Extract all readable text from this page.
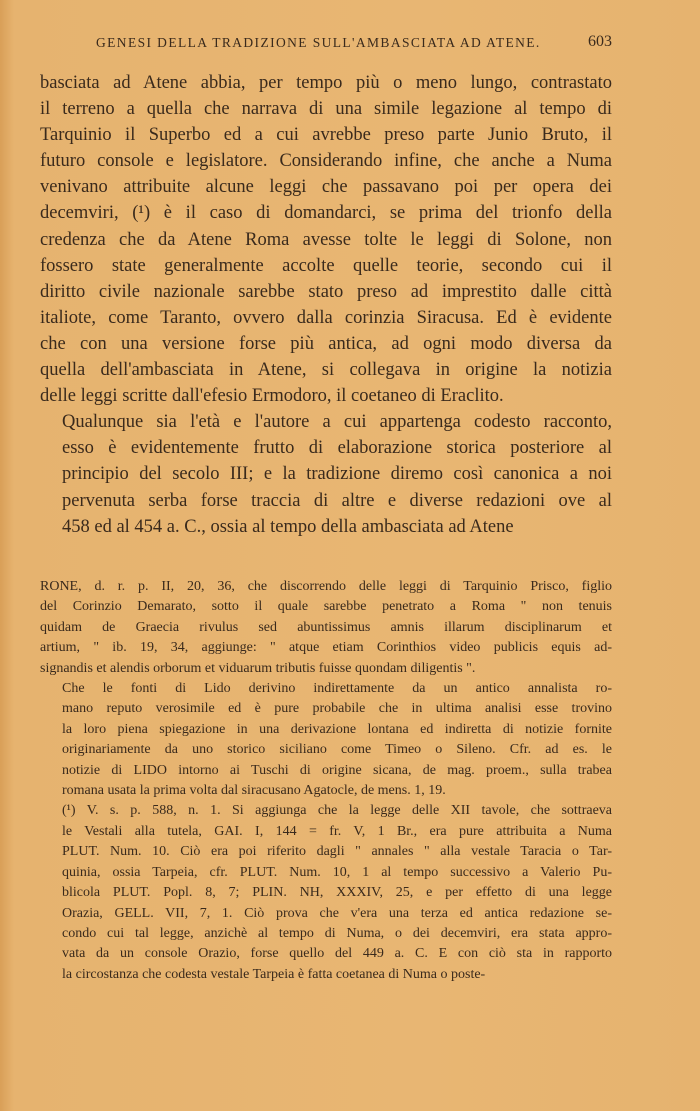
GENESI DELLA TRADIZIONE SULL'AMBASCIATA AD ATENE.	603

basciata ad Atene abbia, per tempo più o meno lungo, contrastato
il terreno a quella che narrava di una simile legazione al tempo di
Tarquinio il Superbo ed a cui avrebbe preso parte Junio Bruto, il
futuro console e legislatore. Considerando infine, che anche a Numa
venivano attribuite alcune leggi che passavano poi per opera dei
decemviri, (¹) è il caso di domandarci, se prima del trionfo della
credenza che da Atene Roma avesse tolte le leggi di Solone, non
fossero state generalmente accolte quelle teorie, secondo cui il
diritto civile nazionale sarebbe stato preso ad imprestito dalle città
italiote, come Taranto, ovvero dalla corinzia Siracusa. Ed è evidente
che con una versione forse più antica, ad ogni modo diversa da
quella dell'ambasciata in Atene, si collegava in origine la notizia
delle leggi scritte dall'efesio Ermodoro, il coetaneo di Eraclito.

Qualunque sia l'età e l'autore a cui appartenga codesto racconto,
esso è evidentemente frutto di elaborazione storica posteriore al
principio del secolo III; e la tradizione diremo così canonica a noi
pervenuta serba forse traccia di altre e diverse redazioni ove al
458 ed al 454 a. C., ossia al tempo della ambasciata ad Atene

RONE, d. r. p. II, 20, 36, che discorrendo delle leggi di Tarquinio Prisco, figlio
del Corinzio Demarato, sotto il quale sarebbe penetrato a Roma " non tenuis
quidam de Graecia rivulus sed abuntissimus amnis illarum disciplinarum et
artium, " ib. 19, 34, aggiunge: " atque etiam Corinthios video publicis equis ad-
signandis et alendis orborum et viduarum tributis fuisse quondam diligentis ".

Che le fonti di Lido derivino indirettamente da un antico annalista ro-
mano reputo verosimile ed è pure probabile che in ultima analisi esse trovino
la loro piena spiegazione in una derivazione lontana ed indiretta di notizie fornite
originariamente da uno storico siciliano come Timeo o Sileno. Cfr. ad es. le
notizie di LIDO intorno ai Tuschi di origine sicana, de mag. proem., sulla trabea
romana usata la prima volta dal siracusano Agatocle, de mens. 1, 19.

(¹) V. s. p. 588, n. 1. Si aggiunga che la legge delle XII tavole, che sottraeva
le Vestali alla tutela, GAI. I, 144 = fr. V, 1 Br., era pure attribuita a Numa
PLUT. Num. 10. Ciò era poi riferito dagli " annales " alla vestale Taracia o Tar-
quinia, ossia Tarpeia, cfr. PLUT. Num. 10, 1 al tempo successivo a Valerio Pu-
blicola PLUT. Popl. 8, 7; PLIN. NH, XXXIV, 25, e per effetto di una legge
Orazia, GELL. VII, 7, 1. Ciò prova che v'era una terza ed antica redazione se-
condo cui tal legge, anzichè al tempo di Numa, o dei decemviri, era stata appro-
vata da un console Orazio, forse quello del 449 a. C. E con ciò sta in rapporto
la circostanza che codesta vestale Tarpeia è fatta coetanea di Numa o poste-
